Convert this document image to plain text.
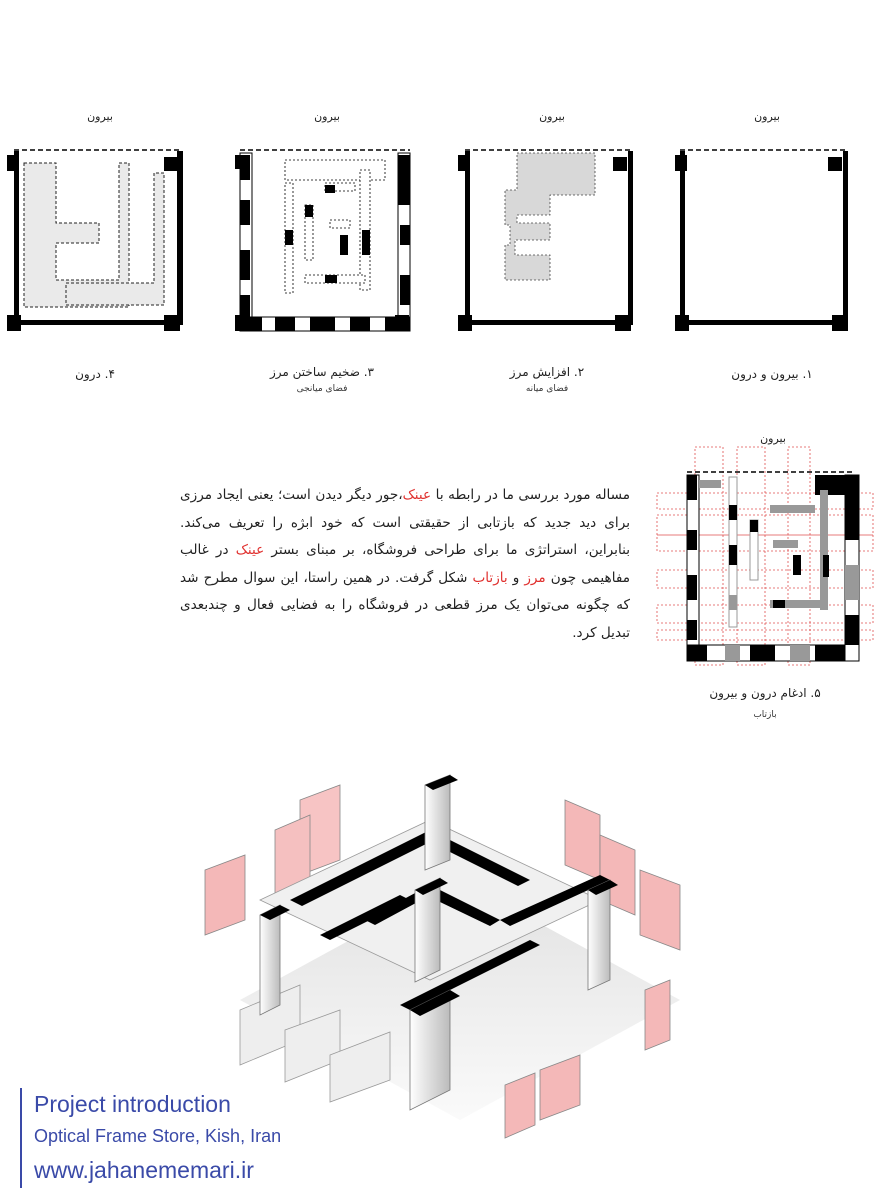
بیرون	بیرون	بیرون	بیرون
۴. درون	۳. ضخیم ساختن مرز
فضای میانجی
۲. افزایش مرز
فضای میانه
۱. بیرون و درون
بیرون
۵. ادغام درون و بیرون
بازتاب
مساله مورد بررسی ما در رابطه با عینک،جور دیگر دیدن است؛ یعنی ایجاد مرزی برای دید جدید که بازتابی از حقیقتی است که خود ابژه را تعریف می‌کند. بنابراین، استراتژی ما برای طراحی فروشگاه، بر مبنای بستر عینک در غالب مفاهیمی چون مرز و بازتاب شکل گرفت. در همین راستا، این سوال مطرح شد که چگونه می‌توان یک مرز قطعی در فروشگاه را به فضایی فعال و چندبعدی تبدیل کرد.
Project introduction
Optical Frame Store, Kish, Iran
www.jahanememari.ir
